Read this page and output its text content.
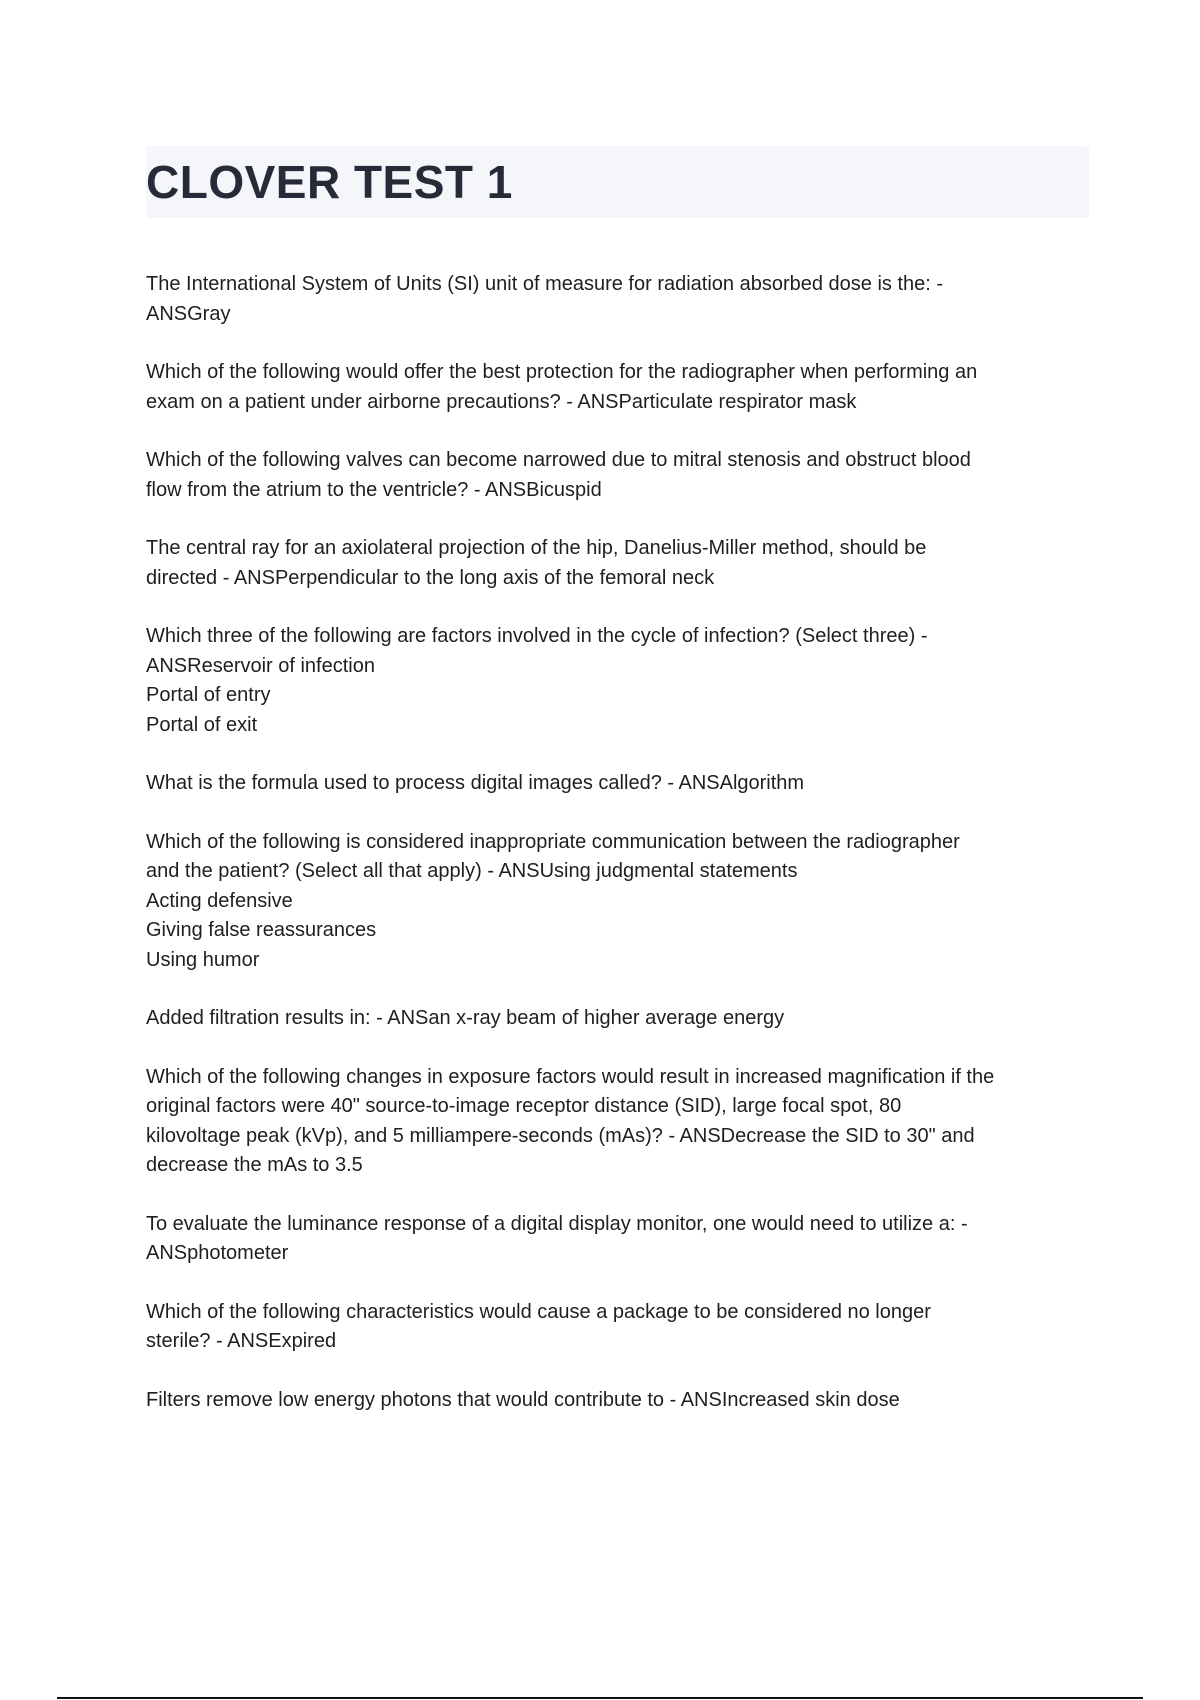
CLOVER TEST 1

The International System of Units (SI) unit of measure for radiation absorbed dose is the: -
ANSGray

Which of the following would offer the best protection for the radiographer when performing an
exam on a patient under airborne precautions? - ANSParticulate respirator mask

Which of the following valves can become narrowed due to mitral stenosis and obstruct blood
flow from the atrium to the ventricle? - ANSBicuspid

The central ray for an axiolateral projection of the hip, Danelius-Miller method, should be
directed - ANSPerpendicular to the long axis of the femoral neck

Which three of the following are factors involved in the cycle of infection? (Select three) -
ANSReservoir of infection
Portal of entry
Portal of exit

What is the formula used to process digital images called? - ANSAlgorithm

Which of the following is considered inappropriate communication between the radiographer
and the patient? (Select all that apply) - ANSUsing judgmental statements
Acting defensive
Giving false reassurances
Using humor

Added filtration results in: - ANSan x-ray beam of higher average energy

Which of the following changes in exposure factors would result in increased magnification if the
original factors were 40" source-to-image receptor distance (SID), large focal spot, 80
kilovoltage peak (kVp), and 5 milliampere-seconds (mAs)? - ANSDecrease the SID to 30" and
decrease the mAs to 3.5

To evaluate the luminance response of a digital display monitor, one would need to utilize a: -
ANSphotometer

Which of the following characteristics would cause a package to be considered no longer
sterile? - ANSExpired

Filters remove low energy photons that would contribute to - ANSIncreased skin dose
